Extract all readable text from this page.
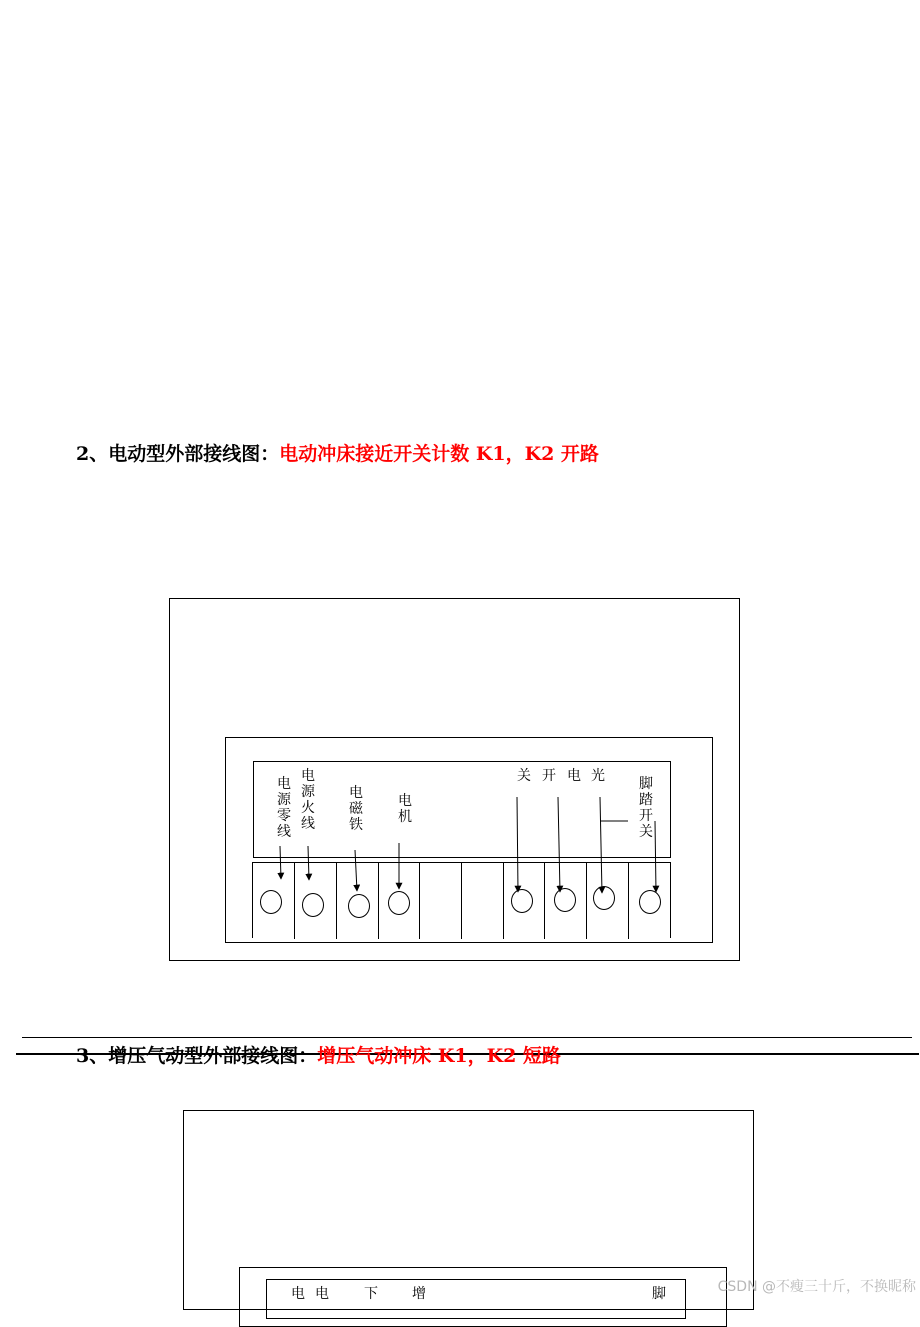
2、电动型外部接线图：电动冲床接近开关计数 K1，K2 开路
电源零线
电源火线
电磁铁
电机
关 开 电 光 脚踏开关
3、增压气动型外部接线图：增压气动冲床 K1，K2 短路
电 电 下 增	脚	CSDN @不瘦三十斤，不换昵称
